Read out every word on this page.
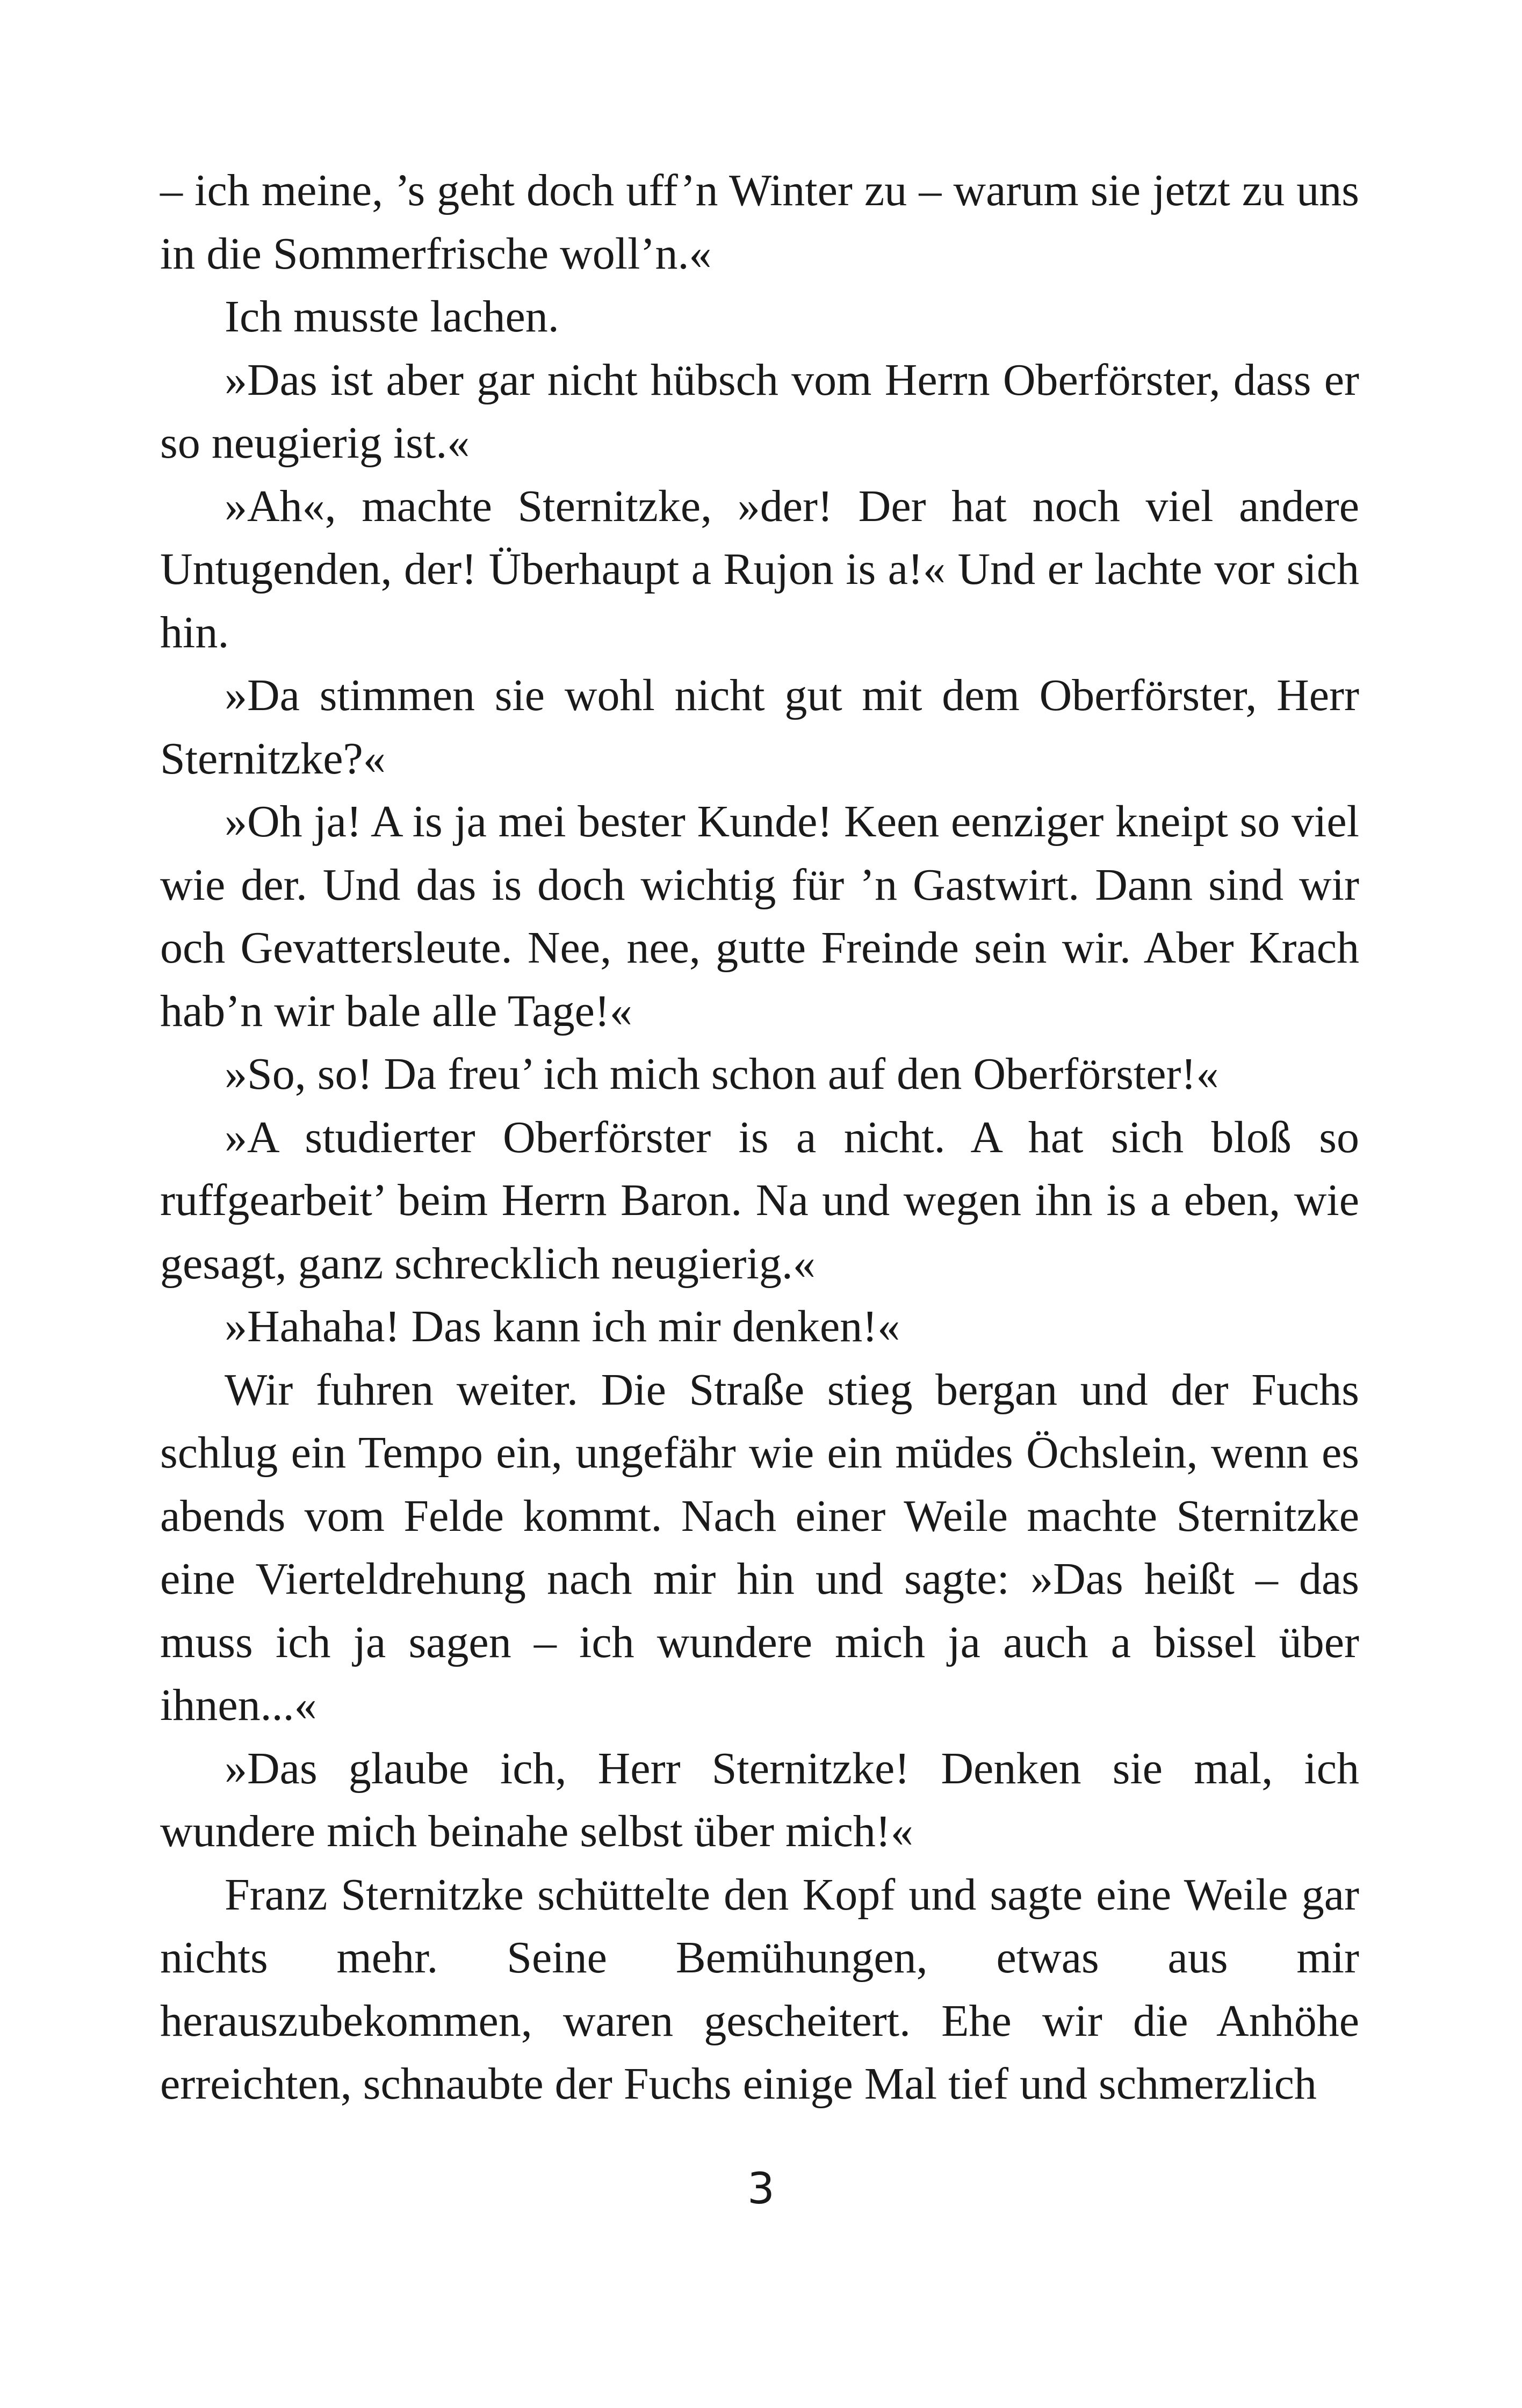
– ich meine, ’s geht doch uff’n Winter zu – warum sie jetzt zu uns in die Sommerfrische woll’n.«

Ich musste lachen.

»Das ist aber gar nicht hübsch vom Herrn Oberförster, dass er so neugierig ist.«

»Ah«, machte Sternitzke, »der! Der hat noch viel andere Untugenden, der! Überhaupt a Rujon is a!« Und er lachte vor sich hin.

»Da stimmen sie wohl nicht gut mit dem Oberförster, Herr Sternitzke?«

»Oh ja! A is ja mei bester Kunde! Keen eenziger kneipt so viel wie der. Und das is doch wichtig für ’n Gastwirt. Dann sind wir och Gevattersleute. Nee, nee, gutte Freinde sein wir. Aber Krach hab’n wir bale alle Tage!«

»So, so! Da freu’ ich mich schon auf den Oberförster!«

»A studierter Oberförster is a nicht. A hat sich bloß so ruffgearbeit’ beim Herrn Baron. Na und wegen ihn is a eben, wie gesagt, ganz schrecklich neugierig.«

»Hahaha! Das kann ich mir denken!«

Wir fuhren weiter. Die Straße stieg bergan und der Fuchs schlug ein Tempo ein, ungefähr wie ein müdes Öchslein, wenn es abends vom Felde kommt. Nach einer Weile machte Sternitzke eine Vierteldrehung nach mir hin und sagte: »Das heißt – das muss ich ja sagen – ich wundere mich ja auch a bissel über ihnen...«

»Das glaube ich, Herr Sternitzke! Denken sie mal, ich wundere mich beinahe selbst über mich!«

Franz Sternitzke schüttelte den Kopf und sagte eine Weile gar nichts mehr. Seine Bemühungen, etwas aus mir herauszubekommen, waren gescheitert. Ehe wir die Anhöhe erreichten, schnaubte der Fuchs einige Mal tief und schmerzlich

3
